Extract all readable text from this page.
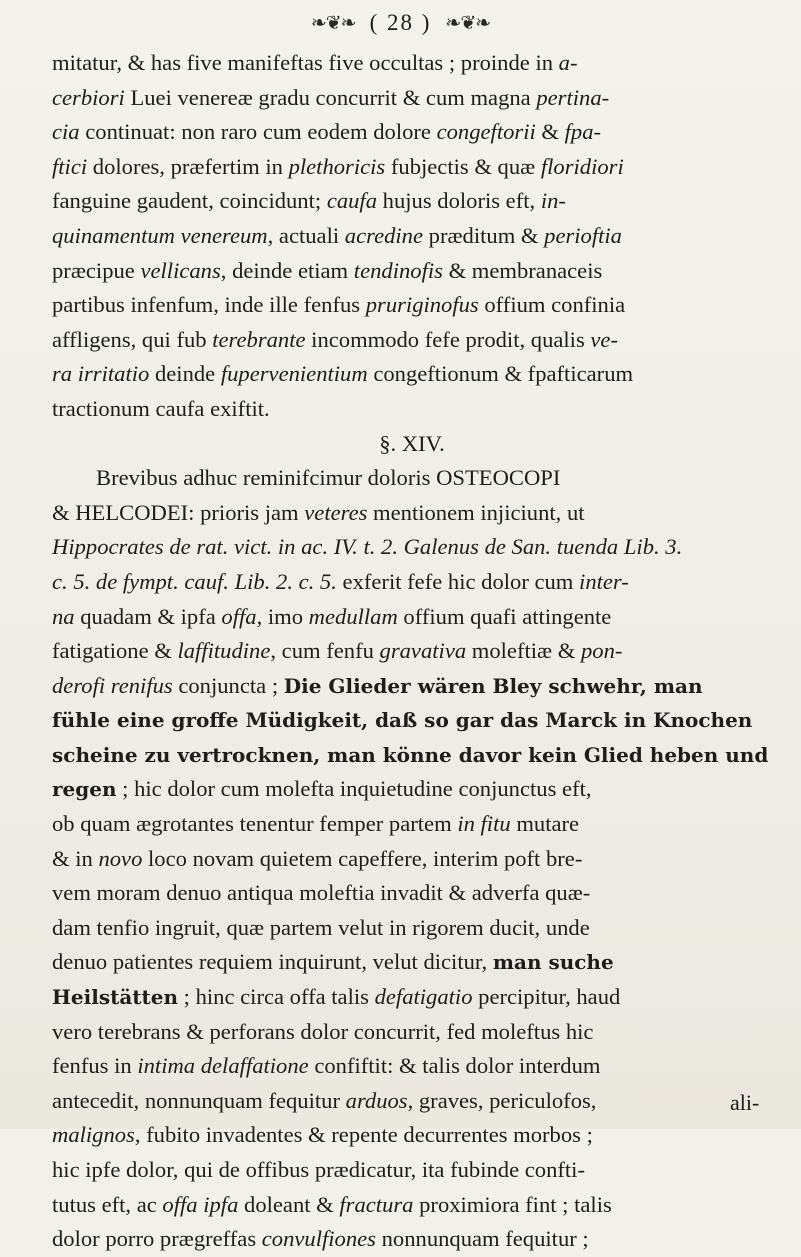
❧❦❧ ( 28 ) ❧❦❧
mitatur, & has five manifeftas five occultas ; proinde in a-
cerbiori Luei venereæ gradu concurrit & cum magna pertina-
cia continuat: non raro cum eodem dolore congeftorii & fpa-
ftici dolores, præfertim in plethoricis fubjectis & quæ floridiori
fanguine gaudent, coincidunt; caufa hujus doloris eft, in-
quinamentum venereum, actuali acredine præditum & perioftia
præcipue vellicans, deinde etiam tendinofis & membranaceis
partibus infenfum, inde ille fenfus pruriginofus offium confinia
affligens, qui fub terebrante incommodo fefe prodit, qualis ve-
ra irritatio deinde fupervenientium congeftionum & fpafticarum
tractionum caufa exiftit.
§. XIV.
Brevibus adhuc reminifcimur doloris OSTEOCOPI
& HELCODEI: prioris jam veteres mentionem injiciunt, ut
Hippocrates de rat. vict. in ac. IV. t. 2. Galenus de San. tuenda Lib. 3.
c. 5. de fympt. cauf. Lib. 2. c. 5. exferit fefe hic dolor cum inter-
na quadam & ipfa offa, imo medullam offium quafi attingente
fatigatione & laffitudine, cum fenfu gravativa moleftiæ & pon-
derofi renifus conjuncta ; Die Glieder wären Bley schwehr, man
fühle eine groffe Müdigkeit, daß so gar das Marck in Knochen
scheine zu vertrocknen, man könne davor kein Glied heben und
regen ; hic dolor cum molefta inquietudine conjunctus eft,
ob quam ægrotantes tenentur femper partem in fitu mutare
& in novo loco novam quietem capeffere, interim poft bre-
vem moram denuo antiqua moleftia invadit & adverfa quæ-
dam tenfio ingruit, quæ partem velut in rigorem ducit, unde
denuo patientes requiem inquirunt, velut dicitur, man suche
Heilstätten ; hinc circa offa talis defatigatio percipitur, haud
vero terebrans & perforans dolor concurrit, fed moleftus hic
fenfus in intima delaffatione confiftit: & talis dolor interdum
antecedit, nonnunquam fequitur arduos, graves, periculofos,
malignos, fubito invadentes & repente decurrentes morbos ;
hic ipfe dolor, qui de offibus prædicatur, ita fubinde confti-
tutus eft, ac offa ipfa doleant & fractura proximiora fint ; talis
dolor porro prægreffas convulfiones nonnunquam fequitur ;
ali-
